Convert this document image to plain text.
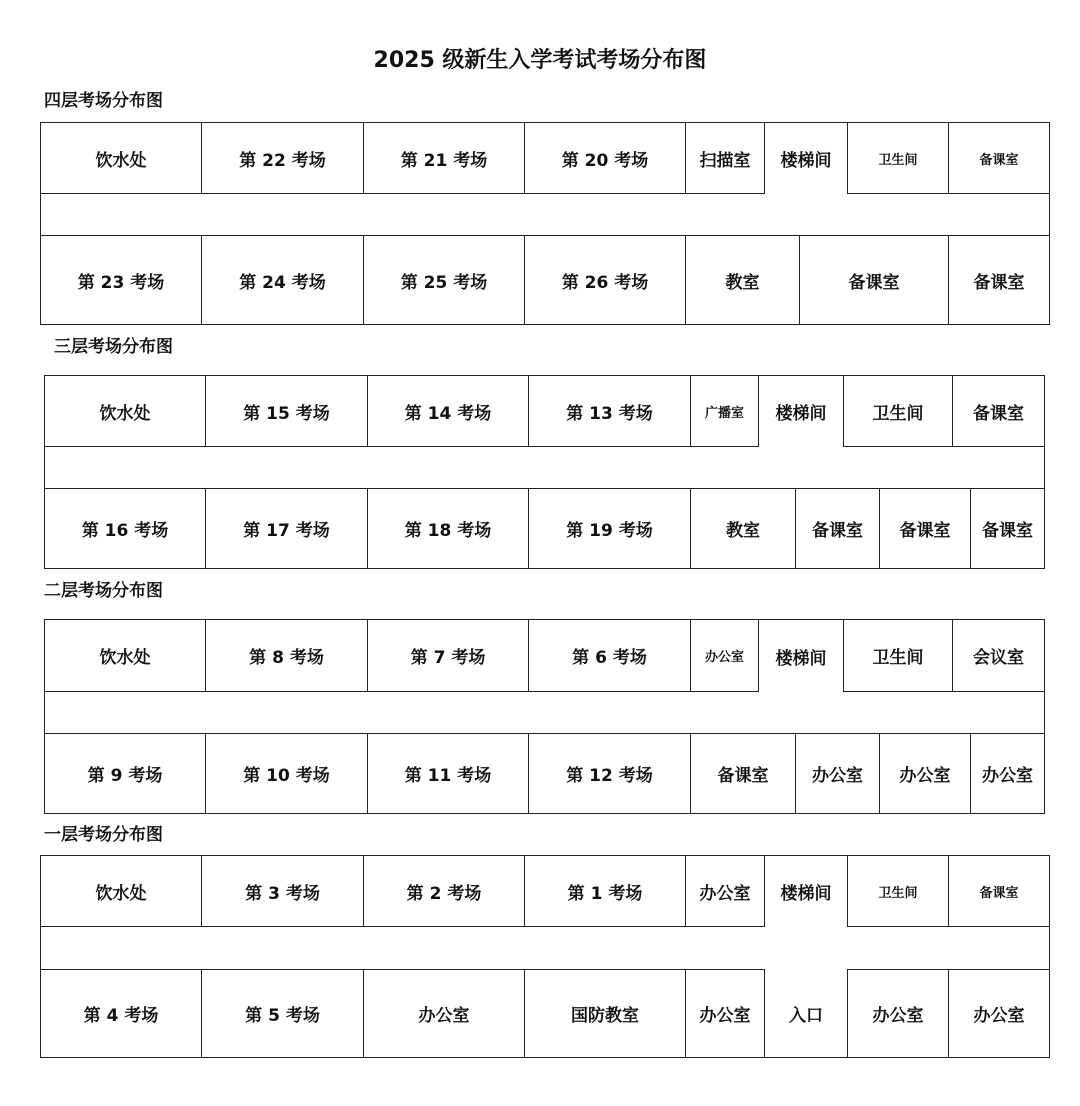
2025 级新生入学考试考场分布图
四层考场分布图
饮水处	第 22 考场	第 21 考场	第 20 考场	扫描室	楼梯间	卫生间	备课室
第 23 考场	第 24 考场	第 25 考场	第 26 考场	教室	备课室	备课室
三层考场分布图
饮水处	第 15 考场	第 14 考场	第 13 考场	广播室	楼梯间	卫生间	备课室
第 16 考场	第 17 考场	第 18 考场	第 19 考场	教室	备课室	备课室	备课室
二层考场分布图
饮水处	第 8 考场	第 7 考场	第 6 考场	办公室	楼梯间	卫生间	会议室
第 9 考场	第 10 考场	第 11 考场	第 12 考场	备课室	办公室	办公室	办公室
一层考场分布图
饮水处	第 3 考场	第 2 考场	第 1 考场	办公室	楼梯间	卫生间	备课室
第 4 考场	第 5 考场	办公室	国防教室	办公室	入口	办公室	办公室
